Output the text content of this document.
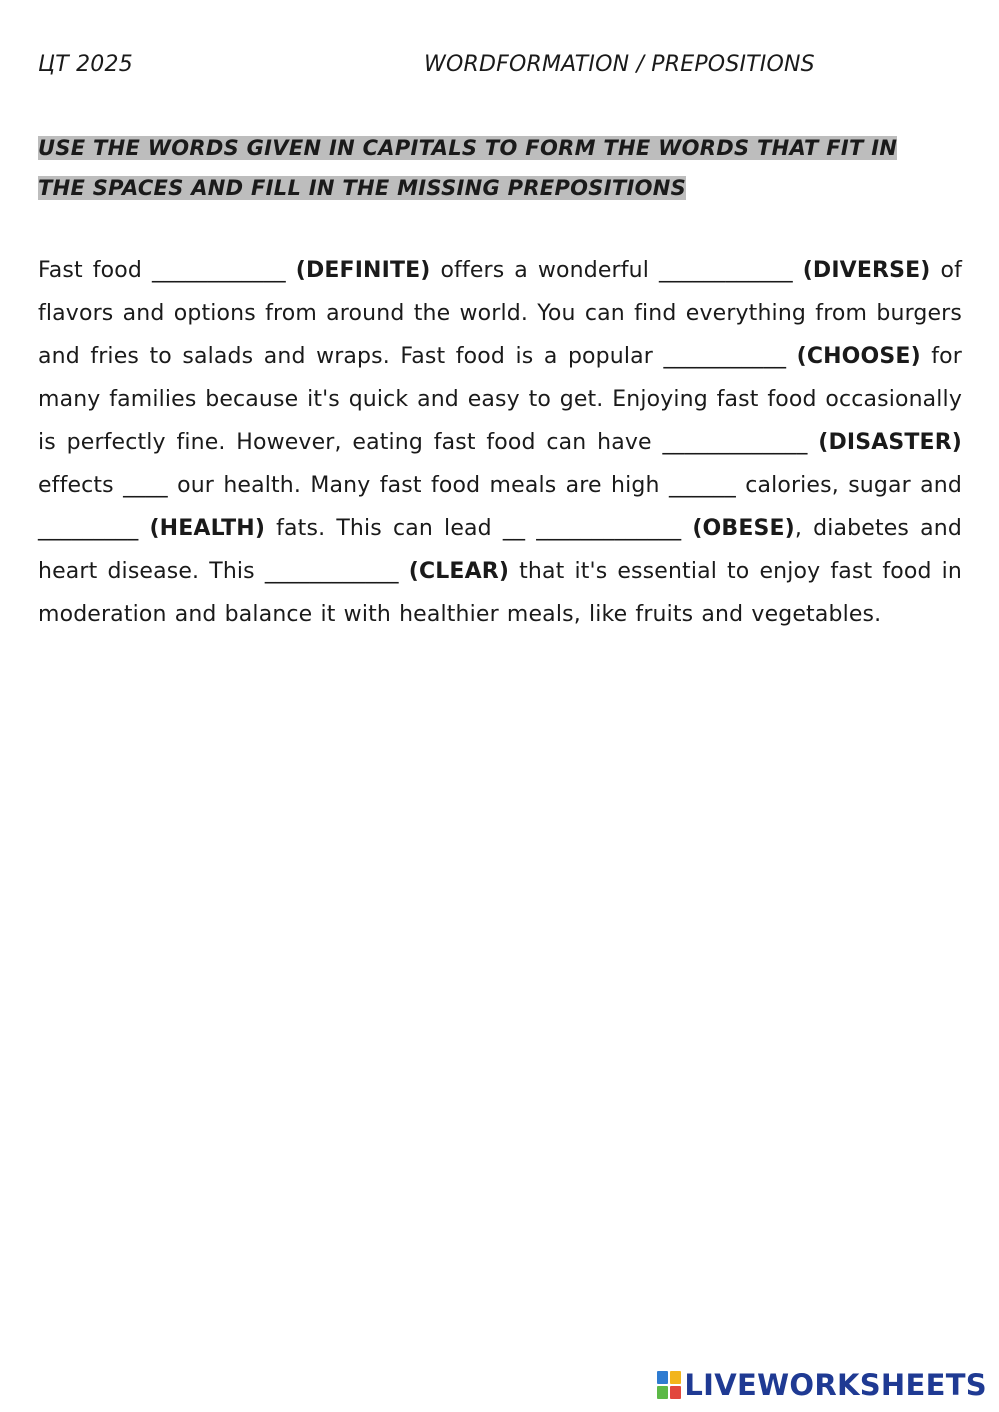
ЦТ 2025	WORDFORMATION / PREPOSITIONS
USE THE WORDS GIVEN IN CAPITALS TO FORM THE WORDS THAT FIT IN THE SPACES AND FILL IN THE MISSING PREPOSITIONS

Fast food ____________ (DEFINITE) offers a wonderful ____________ (DIVERSE) of flavors and options from around the world. You can find everything from burgers and fries to salads and wraps. Fast food is a popular ___________ (CHOOSE) for many families because it's quick and easy to get. Enjoying fast food occasionally is perfectly fine. However, eating fast food can have _____________ (DISASTER) effects ____ our health. Many fast food meals are high ______ calories, sugar and _________ (HEALTH) fats. This can lead __ _____________ (OBESE), diabetes and heart disease. This ____________ (CLEAR) that it's essential to enjoy fast food in moderation and balance it with healthier meals, like fruits and vegetables.

LIVEWORKSHEETS
